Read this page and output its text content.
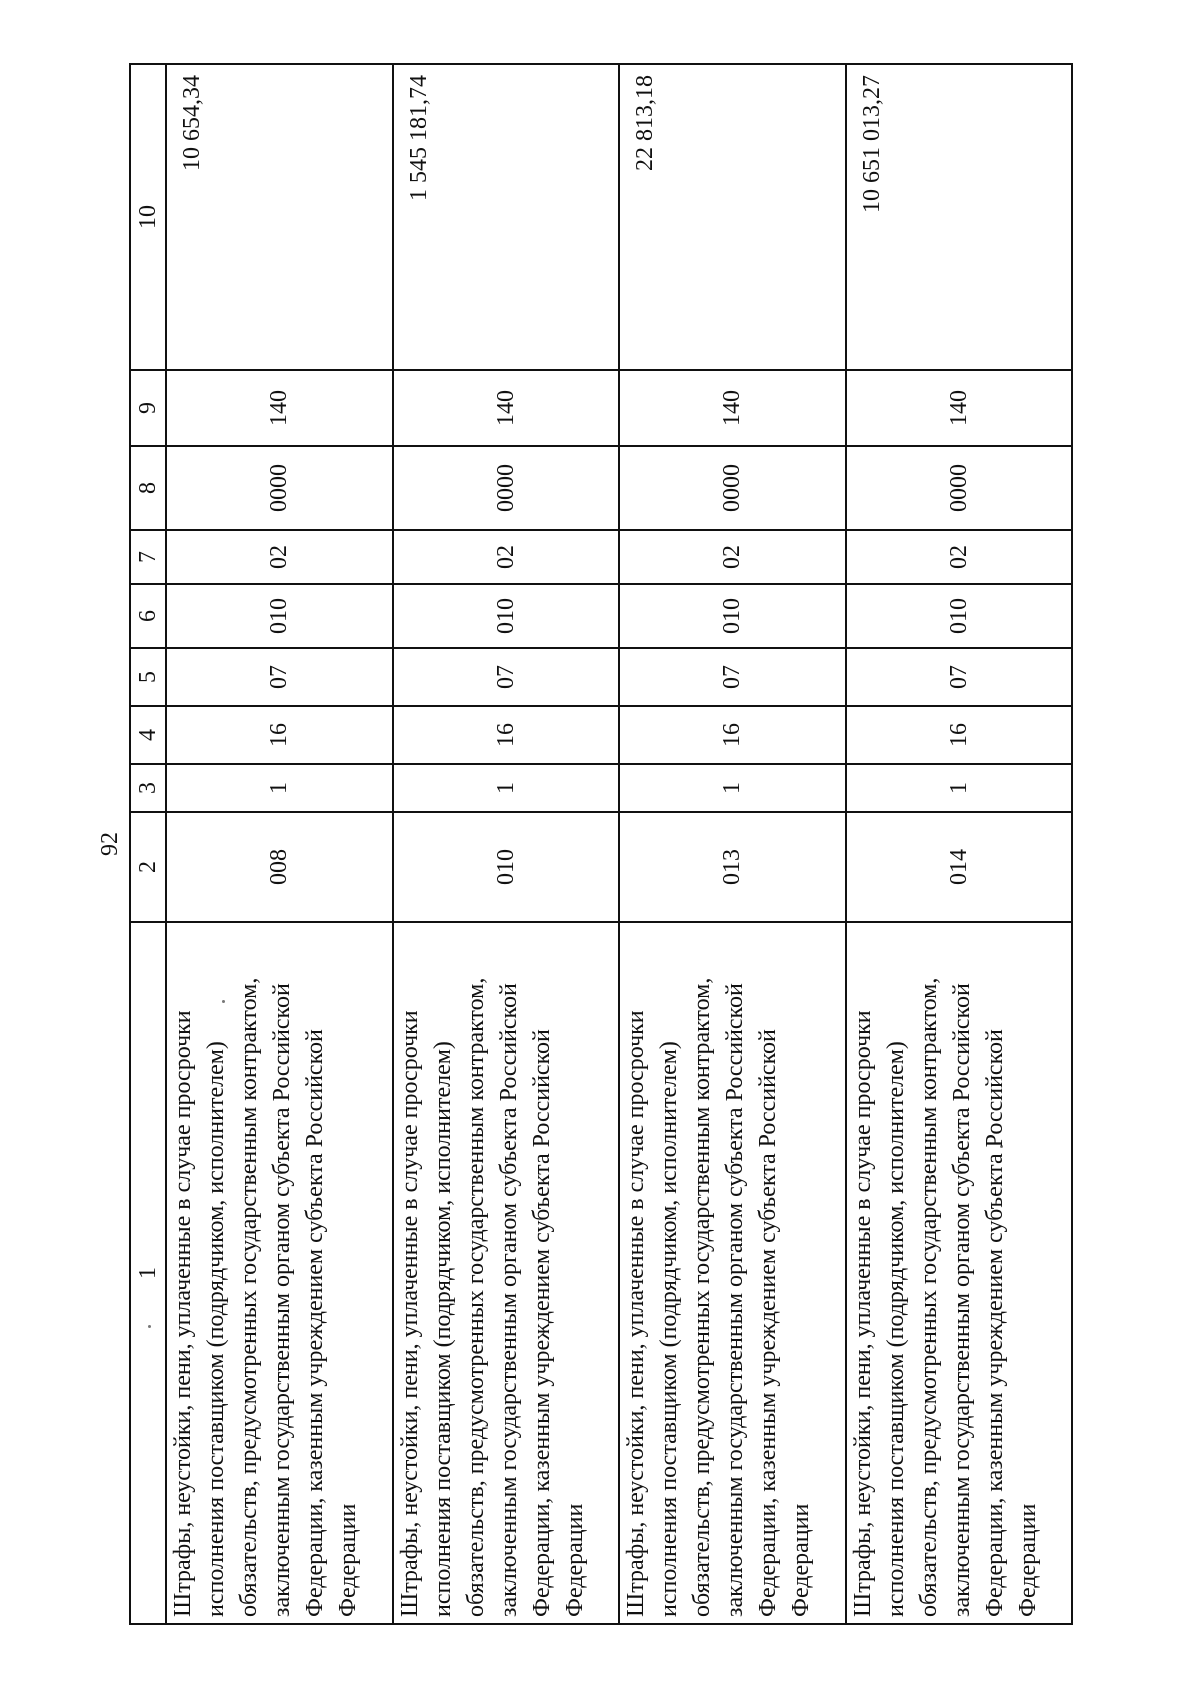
92
1	2	3	4	5	6	7	8	9	10
Штрафы, неустойки, пени, уплаченные в случае просрочки исполнения поставщиком (подрядчиком, исполнителем) обязательств, предусмотренных государственным контрактом, заключенным государственным органом субъекта Российской Федерации, казенным учреждением субъекта Российской Федерации	008	1	16	07	010	02	0000	140	10 654,34
Штрафы, неустойки, пени, уплаченные в случае просрочки исполнения поставщиком (подрядчиком, исполнителем) обязательств, предусмотренных государственным контрактом, заключенным государственным органом субъекта Российской Федерации, казенным учреждением субъекта Российской Федерации	010	1	16	07	010	02	0000	140	1 545 181,74
Штрафы, неустойки, пени, уплаченные в случае просрочки исполнения поставщиком (подрядчиком, исполнителем) обязательств, предусмотренных государственным контрактом, заключенным государственным органом субъекта Российской Федерации, казенным учреждением субъекта Российской Федерации	013	1	16	07	010	02	0000	140	22 813,18
Штрафы, неустойки, пени, уплаченные в случае просрочки исполнения поставщиком (подрядчиком, исполнителем) обязательств, предусмотренных государственным контрактом, заключенным государственным органом субъекта Российской Федерации, казенным учреждением субъекта Российской Федерации	014	1	16	07	010	02	0000	140	10 651 013,27
